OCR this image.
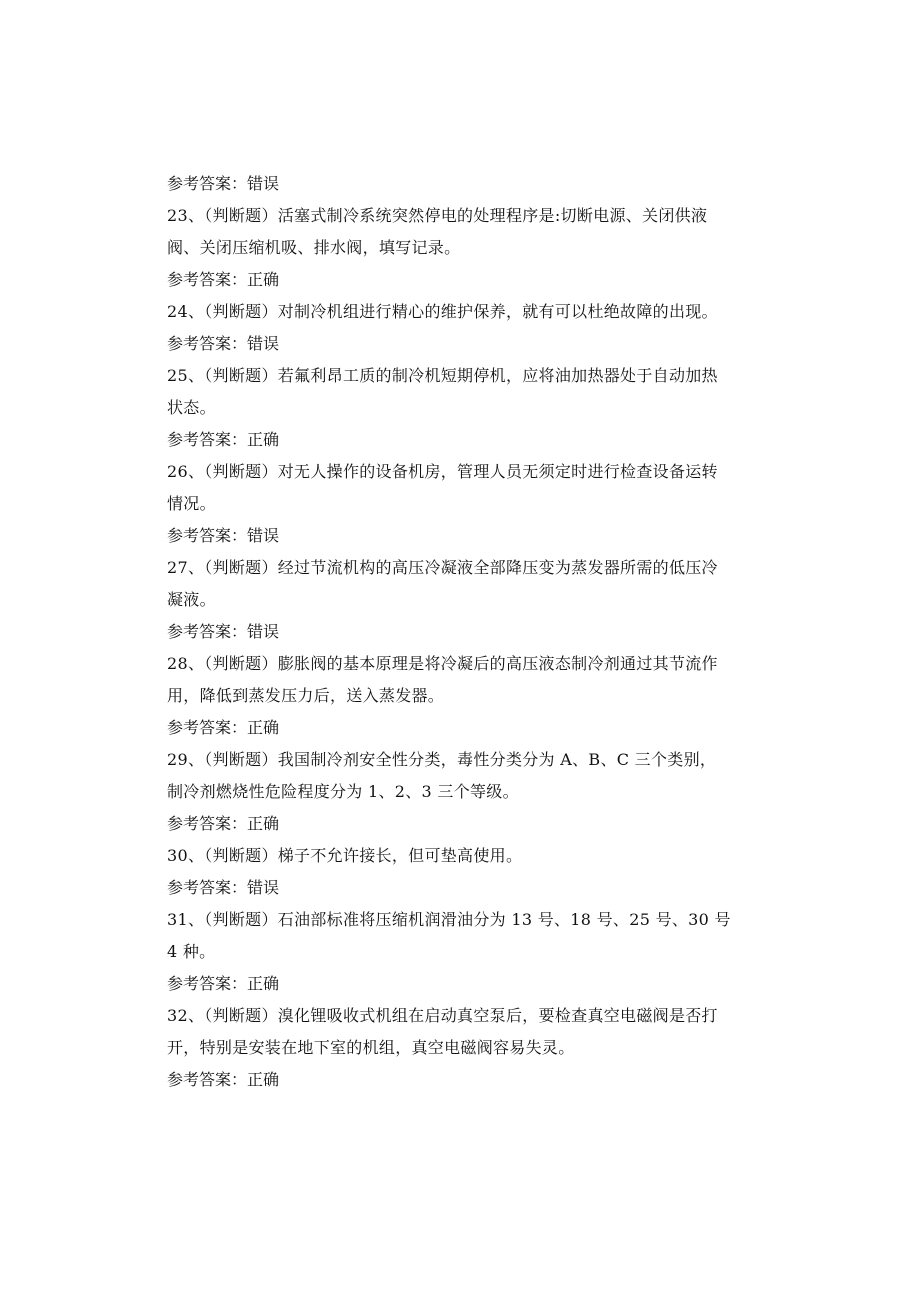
参考答案：错误
23、（判断题）活塞式制冷系统突然停电的处理程序是:切断电源、关闭供液
阀、关闭压缩机吸、排水阀，填写记录。
参考答案：正确
24、（判断题）对制冷机组进行精心的维护保养，就有可以杜绝故障的出现。
参考答案：错误
25、（判断题）若氟利昂工质的制冷机短期停机，应将油加热器处于自动加热
状态。
参考答案：正确
26、（判断题）对无人操作的设备机房，管理人员无须定时进行检查设备运转
情况。
参考答案：错误
27、（判断题）经过节流机构的高压冷凝液全部降压变为蒸发器所需的低压冷
凝液。
参考答案：错误
28、（判断题）膨胀阀的基本原理是将冷凝后的高压液态制冷剂通过其节流作
用，降低到蒸发压力后，送入蒸发器。
参考答案：正确
29、（判断题）我国制冷剂安全性分类，毒性分类分为 A、B、C 三个类别，
制冷剂燃烧性危险程度分为 1、2、3 三个等级。
参考答案：正确
30、（判断题）梯子不允许接长，但可垫高使用。
参考答案：错误
31、（判断题）石油部标准将压缩机润滑油分为 13 号、18 号、25 号、30 号
4 种。
参考答案：正确
32、（判断题）溴化锂吸收式机组在启动真空泵后，要检查真空电磁阀是否打
开，特别是安装在地下室的机组，真空电磁阀容易失灵。
参考答案：正确
